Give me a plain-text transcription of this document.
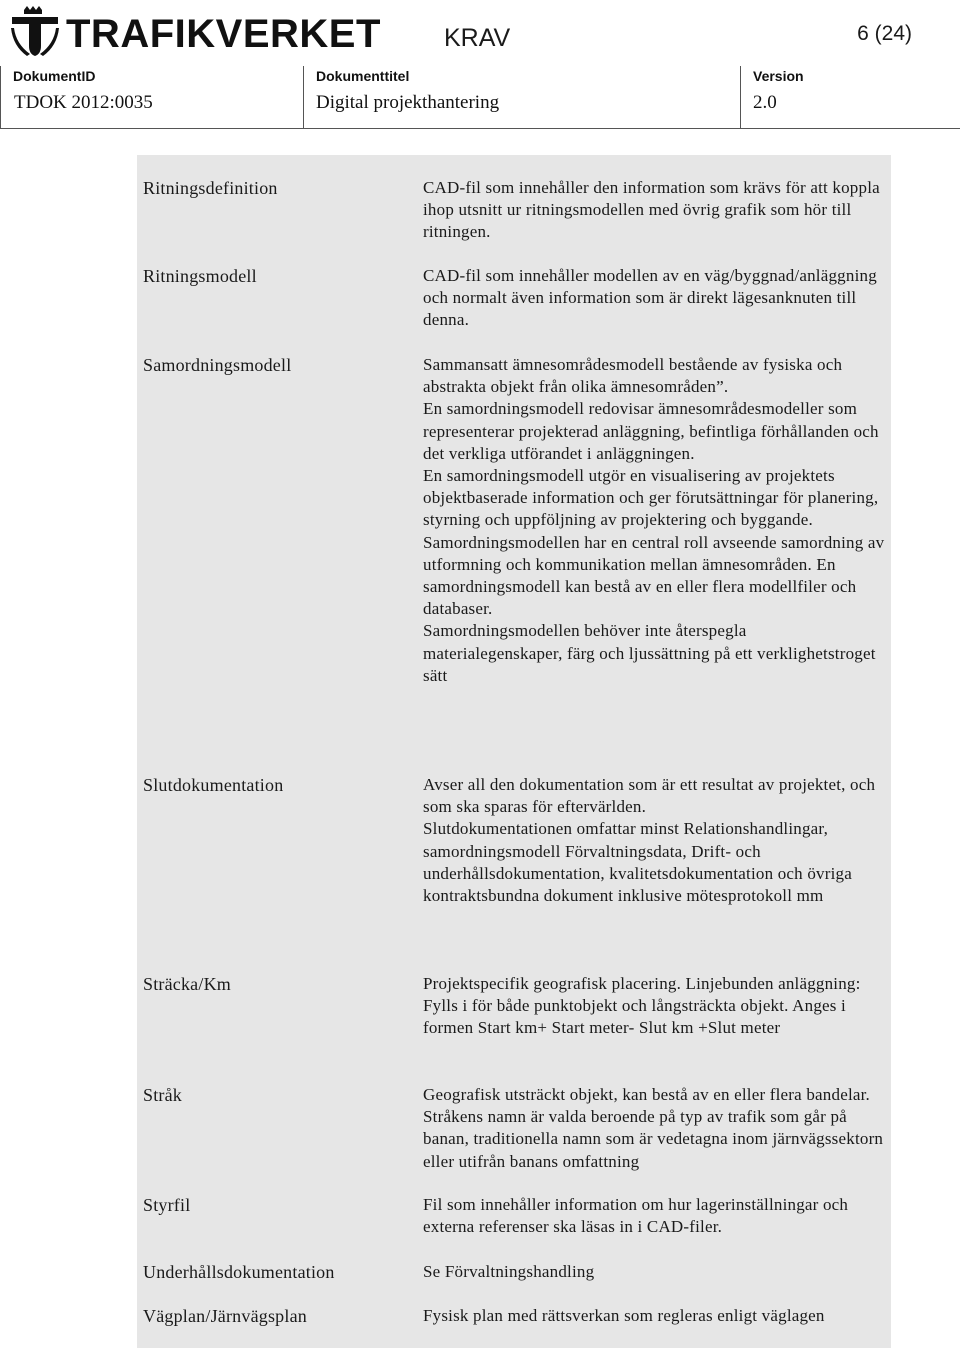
TRAFIKVERKET	KRAV	6 (24)
DokumentID
TDOK 2012:0035
Dokumenttitel
Digital projekthantering
Version
2.0
Ritningsdefinition	CAD-fil som innehåller den information som krävs för att koppla ihop utsnitt ur ritningsmodellen med övrig grafik som hör till ritningen.
Ritningsmodell	CAD-fil som innehåller modellen av en väg/byggnad/anläggning och normalt även information som är direkt lägesanknuten till denna.
Samordningsmodell	Sammansatt ämnesområdesmodell bestående av fysiska och abstrakta objekt från olika ämnesområden”.
En samordningsmodell redovisar ämnesområdesmodeller som representerar projekterad anläggning, befintliga förhållanden och det verkliga utförandet i anläggningen.
En samordningsmodell utgör en visualisering av projektets objektbaserade information och ger förutsättningar för planering, styrning och uppföljning av projektering och byggande.
Samordningsmodellen har en central roll avseende samordning av utformning och kommunikation mellan ämnesområden. En samordningsmodell kan bestå av en eller flera modellfiler och databaser.
Samordningsmodellen behöver inte återspegla materialegenskaper, färg och ljussättning på ett verklighetstroget sätt
Slutdokumentation	Avser all den dokumentation som är ett resultat av projektet, och som ska sparas för eftervärlden.
Slutdokumentationen omfattar minst Relationshandlingar, samordningsmodell Förvaltningsdata, Drift- och underhållsdokumentation, kvalitetsdokumentation och övriga kontraktsbundna dokument inklusive mötesprotokoll mm
Sträcka/Km	Projektspecifik geografisk placering. Linjebunden anläggning: Fylls i för både punktobjekt och långsträckta objekt. Anges i formen Start km+ Start meter- Slut km +Slut meter
Stråk	Geografisk utsträckt objekt, kan bestå av en eller flera bandelar. Stråkens namn är valda beroende på typ av trafik som går på banan, traditionella namn som är vedetagna inom järnvägssektorn eller utifrån banans omfattning
Styrfil	Fil som innehåller information om hur lagerinställningar och externa referenser ska läsas in i CAD-filer.
Underhållsdokumentation	Se Förvaltningshandling
Vägplan/Järnvägsplan	Fysisk plan med rättsverkan som regleras enligt väglagen
